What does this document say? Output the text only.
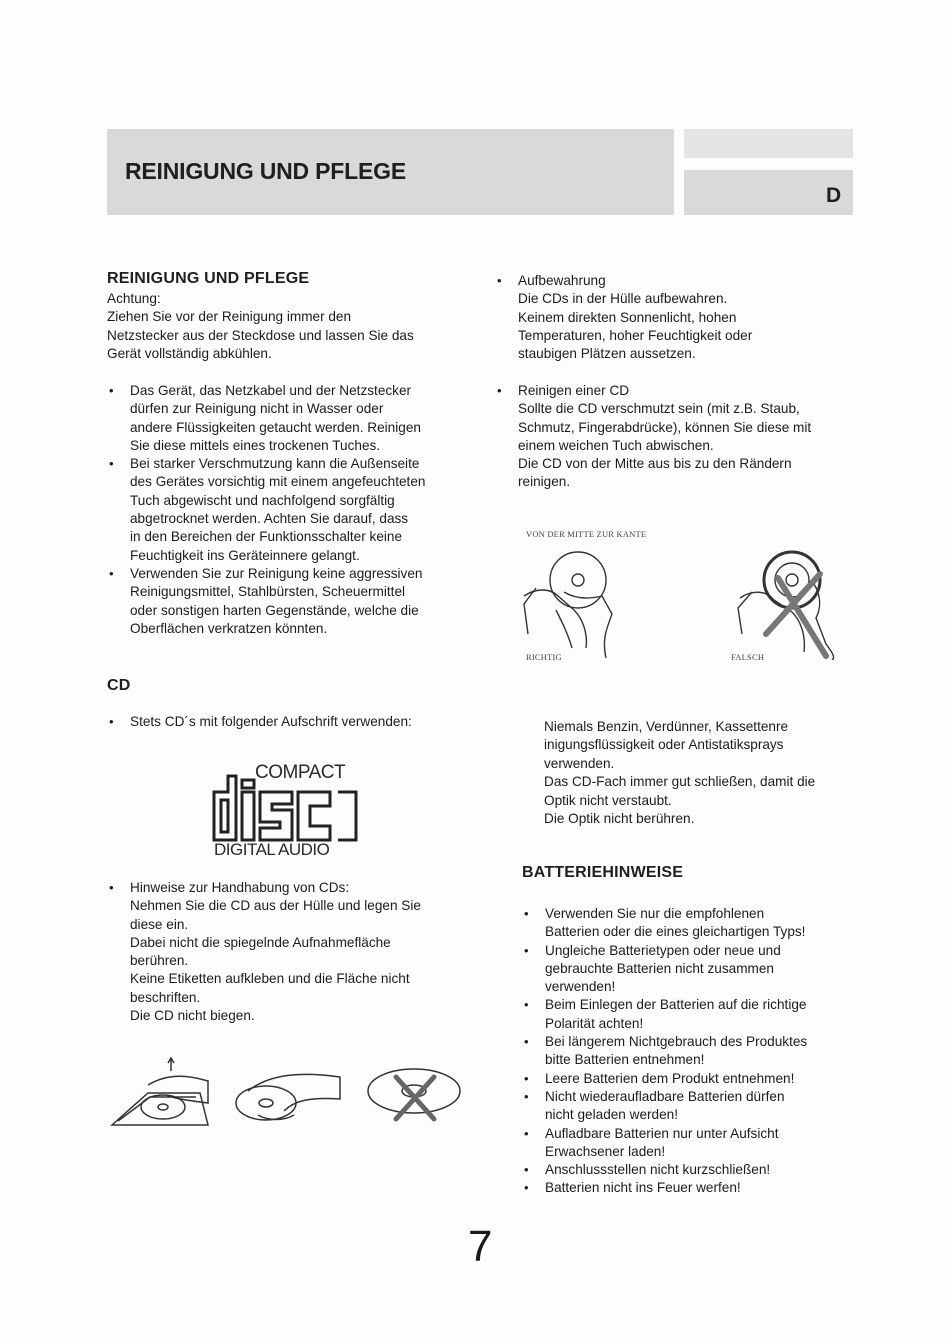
REINIGUNG UND PFLEGE
D
REINIGUNG UND PFLEGE
Achtung:
Ziehen Sie vor der Reinigung immer den
Netzstecker aus der Steckdose und lassen Sie das
Gerät vollständig abkühlen.
• Das Gerät, das Netzkabel und der Netzstecker
dürfen zur Reinigung nicht in Wasser oder
andere Flüssigkeiten getaucht werden. Reinigen
Sie diese mittels eines trockenen Tuches.
• Bei starker Verschmutzung kann die Außenseite
des Gerätes vorsichtig mit einem angefeuchteten
Tuch abgewischt und nachfolgend sorgfältig
abgetrocknet werden. Achten Sie darauf, dass
in den Bereichen der Funktionsschalter keine
Feuchtigkeit ins Geräteinnere gelangt.
• Verwenden Sie zur Reinigung keine aggressiven
Reinigungsmittel, Stahlbürsten, Scheuermittel
oder sonstigen harten Gegenstände, welche die
Oberflächen verkratzen könnten.
CD
• Stets CD´s mit folgender Aufschrift verwenden:
COMPACT
DIGITAL AUDIO
• Hinweise zur Handhabung von CDs:
Nehmen Sie die CD aus der Hülle und legen Sie
diese ein.
Dabei nicht die spiegelnde Aufnahmefläche
berühren.
Keine Etiketten aufkleben und die Fläche nicht
beschriften.
Die CD nicht biegen.
• Aufbewahrung
Die CDs in der Hülle aufbewahren.
Keinem direkten Sonnenlicht, hohen
Temperaturen, hoher Feuchtigkeit oder
staubigen Plätzen aussetzen.
• Reinigen einer CD
Sollte die CD verschmutzt sein (mit z.B. Staub,
Schmutz, Fingerabdrücke), können Sie diese mit
einem weichen Tuch abwischen.
Die CD von der Mitte aus bis zu den Rändern
reinigen.
VON DER MITTE ZUR KANTE
RICHTIG	FALSCH
Niemals Benzin, Verdünner, Kassettenre
inigungsflüssigkeit oder Antistatiksprays
verwenden.
Das CD-Fach immer gut schließen, damit die
Optik nicht verstaubt.
Die Optik nicht berühren.
BATTERIEHINWEISE
• Verwenden Sie nur die empfohlenen
Batterien oder die eines gleichartigen Typs!
• Ungleiche Batterietypen oder neue und
gebrauchte Batterien nicht zusammen
verwenden!
• Beim Einlegen der Batterien auf die richtige
Polarität achten!
• Bei längerem Nichtgebrauch des Produktes
bitte Batterien entnehmen!
• Leere Batterien dem Produkt entnehmen!
• Nicht wiederaufladbare Batterien dürfen
nicht geladen werden!
• Aufladbare Batterien nur unter Aufsicht
Erwachsener laden!
• Anschlussstellen nicht kurzschließen!
• Batterien nicht ins Feuer werfen!
7
